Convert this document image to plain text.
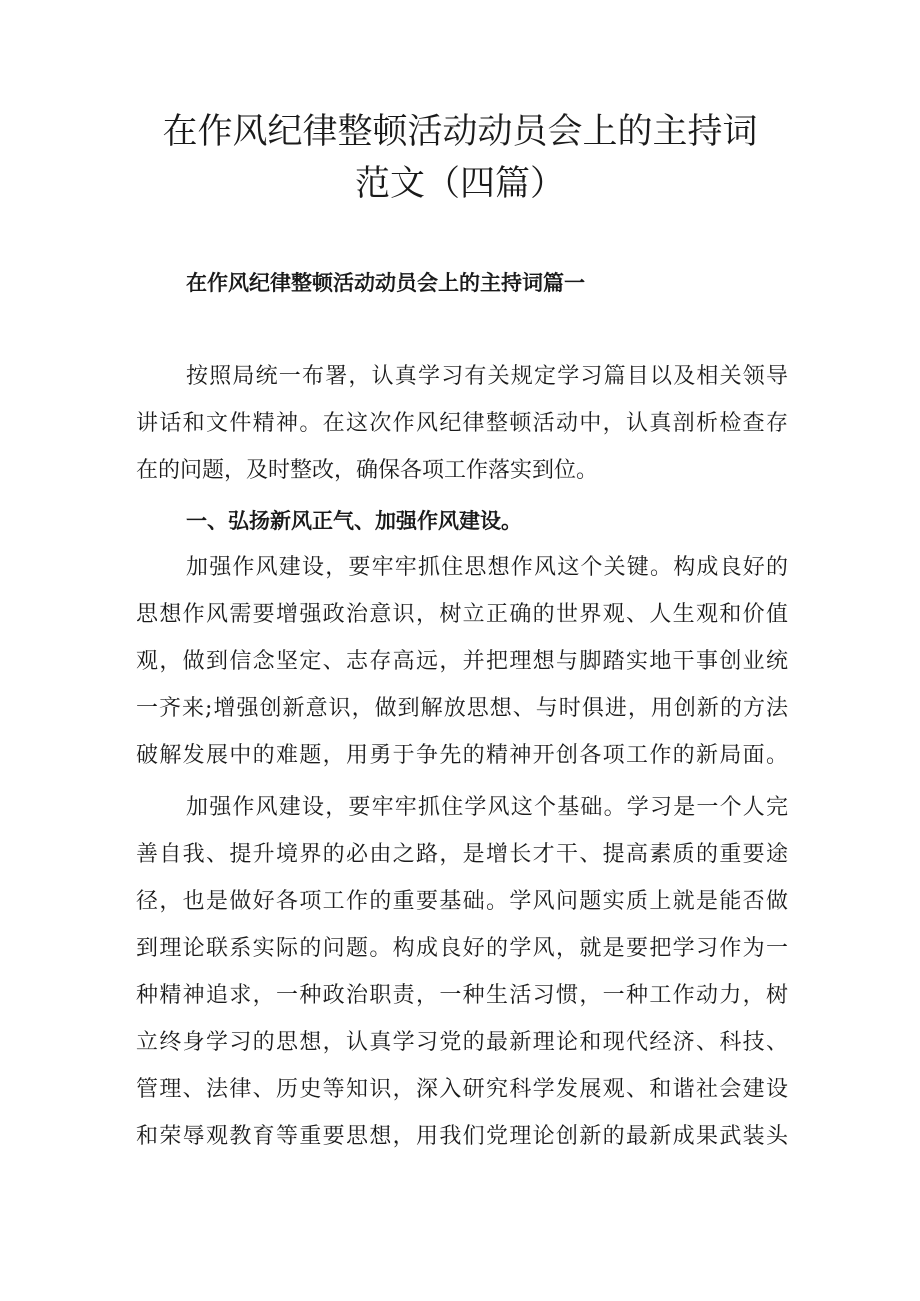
在作风纪律整顿活动动员会上的主持词
范文（四篇）
在作风纪律整顿活动动员会上的主持词篇一
按照局统一布署，认真学习有关规定学习篇目以及相关领导
讲话和文件精神。在这次作风纪律整顿活动中，认真剖析检查存
在的问题，及时整改，确保各项工作落实到位。
一、弘扬新风正气、加强作风建设。
加强作风建设，要牢牢抓住思想作风这个关键。构成良好的
思想作风需要增强政治意识，树立正确的世界观、人生观和价值
观，做到信念坚定、志存高远，并把理想与脚踏实地干事创业统
一齐来;增强创新意识，做到解放思想、与时俱进，用创新的方法
破解发展中的难题，用勇于争先的精神开创各项工作的新局面。
加强作风建设，要牢牢抓住学风这个基础。学习是一个人完
善自我、提升境界的必由之路，是增长才干、提高素质的重要途
径，也是做好各项工作的重要基础。学风问题实质上就是能否做
到理论联系实际的问题。构成良好的学风，就是要把学习作为一
种精神追求，一种政治职责，一种生活习惯，一种工作动力，树
立终身学习的思想，认真学习党的最新理论和现代经济、科技、
管理、法律、历史等知识，深入研究科学发展观、和谐社会建设
和荣辱观教育等重要思想，用我们党理论创新的最新成果武装头
